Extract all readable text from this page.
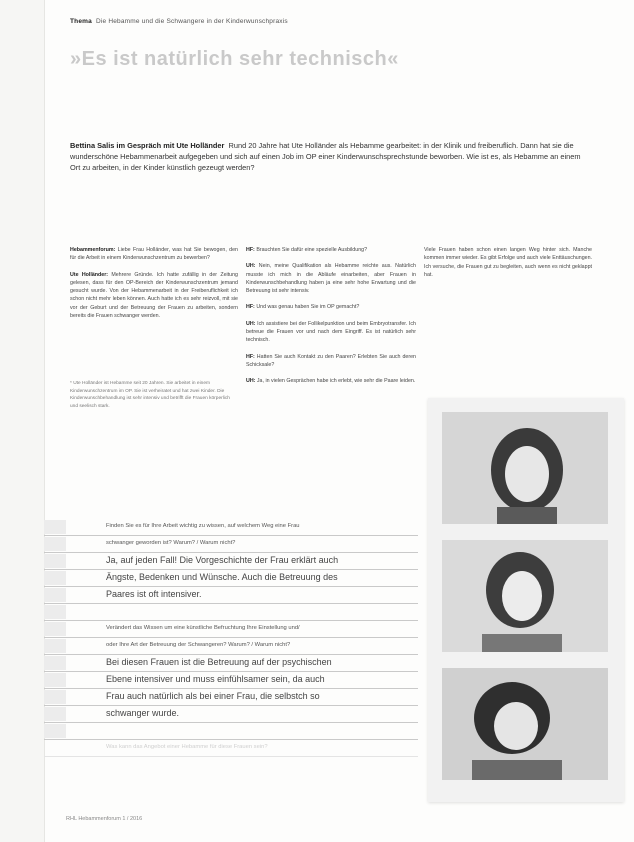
Thema Die Hebamme und die Schwangere in der Kinderwunschpraxis
»Es ist natürlich sehr technisch«
Bettina Salis im Gespräch mit Ute Holländer Rund 20 Jahre hat Ute Holländer als Hebamme gearbeitet: in der Klinik und freiberuflich. Dann hat sie die wunderschöne Hebammenarbeit aufgegeben und sich auf einen Job im OP einer Kinderwunschsprechstunde beworben. Wie ist es, als Hebamme an einem Ort zu arbeiten, in der Kinder künstlich gezeugt werden?

Hebammenforum: Liebe Frau Holländer, was hat Sie bewogen, den für die Arbeit in einem Kinderwunschzentrum zu bewerben?

Ute Holländer: Mehrere Gründe. Ich hatte zufällig in der Zeitung gelesen, dass für den OP-Bereich der Kinderwunschzentrum jemand gesucht wurde. Von der Hebammenarbeit in der Freiberuflichkeit ich schon nicht mehr leben können. Auch hatte ich es sehr reizvoll, mit sie vor der Geburt und der Betreuung der Frauen zu arbeiten, sondern bereits die Frauen schwanger werden.

* Ute Holländer ist Hebamme seit 20 Jahren. Sie arbeitet in einem Kinderwunschzentrum im OP. Sie ist verheiratet und hat zwei Kinder. Die Kinderwunschbehandlung ist sehr intensiv und betrifft die Frauen körperlich und seelisch stark.

HF: Brauchten Sie dafür eine spezielle Ausbildung?

UH: Nein, meine Qualifikation als Hebamme reichte aus. Natürlich musste ich mich in die Abläufe einarbeiten, aber Frauen in Kinderwunschbehandlung haben ja eine sehr hohe Erwartung und die Betreuung ist sehr intensiv.

HF: Und was genau haben Sie im OP gemacht?

UH: Ich assistiere bei der Follikelpunktion und beim Embryotransfer. Ich betreue die Frauen vor und nach dem Eingriff. Es ist natürlich sehr technisch.

HF: Hatten Sie auch Kontakt zu den Paaren? Erlebten Sie auch deren Schicksale?

UH: Ja, in vielen Gesprächen habe ich erlebt, wie sehr die Paare leiden.

Viele Frauen haben schon einen langen Weg hinter sich. Manche kommen immer wieder. Es gibt Erfolge und auch viele Enttäuschungen. Ich versuche, die Frauen gut zu begleiten, auch wenn es nicht geklappt hat.

Finden Sie es für Ihre Arbeit wichtig zu wissen, auf welchem Weg eine Frau
schwanger geworden ist? Warum? / Warum nicht?
Ja, auf jeden Fall! Die Vorgeschichte der Frau erklärt auch
Ängste, Bedenken und Wünsche. Auch die Betreuung des
Paares ist oft intensiver.
Verändert das Wissen um eine künstliche Befruchtung Ihre Einstellung und/
oder Ihre Art der Betreuung der Schwangeren? Warum? / Warum nicht?
Bei diesen Frauen ist die Betreuung auf der psychischen
Ebene intensiver und muss einfühlsamer sein, da auch
Frau auch natürlich als bei einer Frau, die selbstch so
schwanger wurde.
Was kann das Angebot einer Hebamme für diese Frauen sein?
RHL Hebammenforum 1 / 2016
